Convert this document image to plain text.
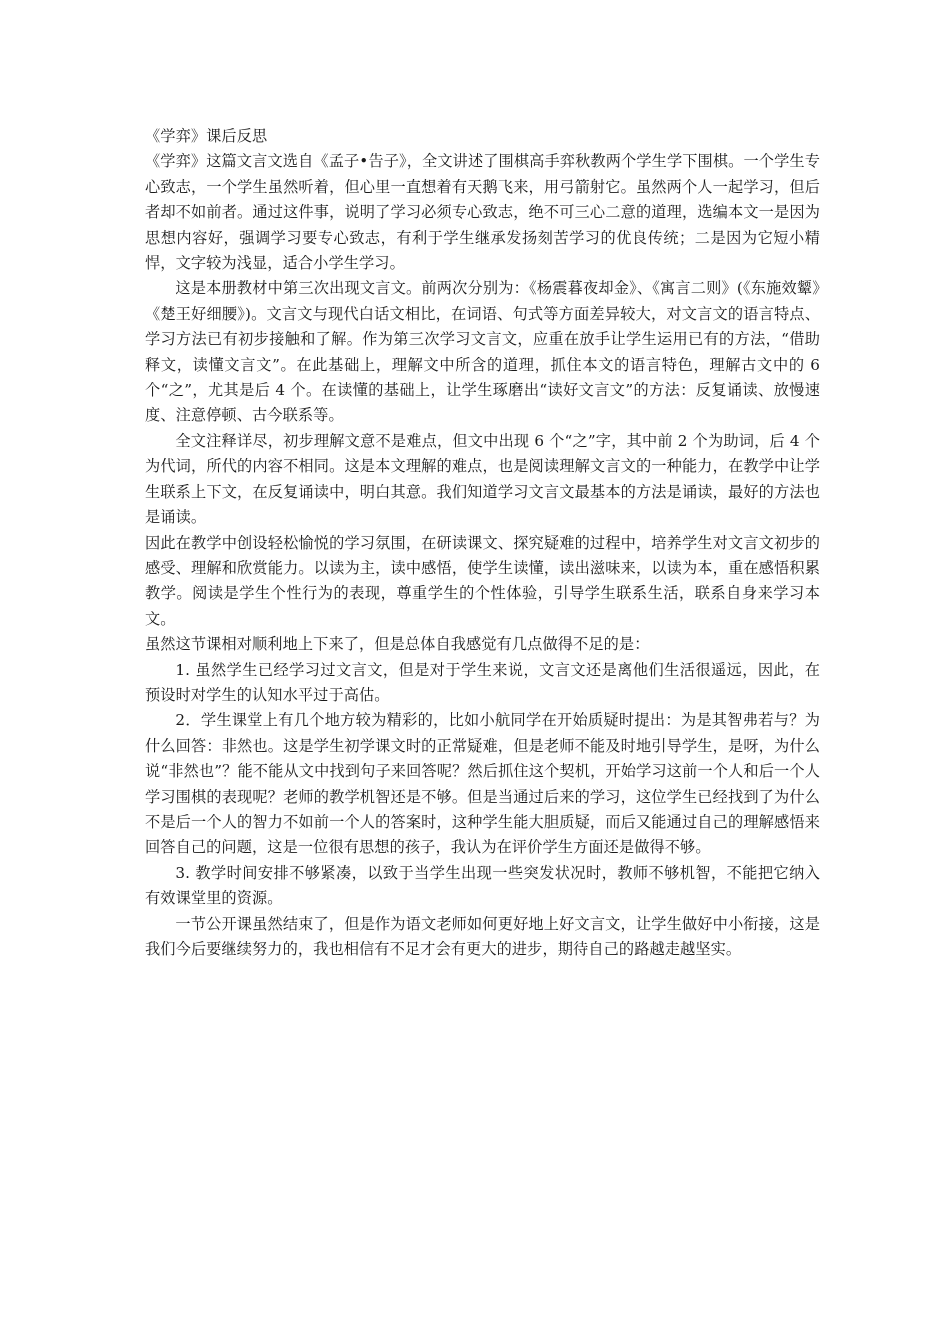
《学弈》课后反思

《学弈》这篇文言文选自《孟子•告子》，全文讲述了围棋高手弈秋教两个学生学下围棋。一个学生专心致志，一个学生虽然听着，但心里一直想着有天鹅飞来，用弓箭射它。虽然两个人一起学习，但后者却不如前者。通过这件事，说明了学习必须专心致志，绝不可三心二意的道理，选编本文一是因为思想内容好，强调学习要专心致志，有利于学生继承发扬刻苦学习的优良传统；二是因为它短小精悍，文字较为浅显，适合小学生学习。

这是本册教材中第三次出现文言文。前两次分别为：《杨震暮夜却金》、《寓言二则》(《东施效颦》《楚王好细腰》)。文言文与现代白话文相比，在词语、句式等方面差异较大，对文言文的语言特点、学习方法已有初步接触和了解。作为第三次学习文言文，应重在放手让学生运用已有的方法，“借助释文，读懂文言文”。在此基础上，理解文中所含的道理，抓住本文的语言特色，理解古文中的 6 个“之”，尤其是后 4 个。在读懂的基础上，让学生琢磨出“读好文言文”的方法：反复诵读、放慢速度、注意停顿、古今联系等。

全文注释详尽，初步理解文意不是难点，但文中出现 6 个“之”字，其中前 2 个为助词，后 4 个为代词，所代的内容不相同。这是本文理解的难点，也是阅读理解文言文的一种能力，在教学中让学生联系上下文，在反复诵读中，明白其意。我们知道学习文言文最基本的方法是诵读，最好的方法也是诵读。

因此在教学中创设轻松愉悦的学习氛围，在研读课文、探究疑难的过程中，培养学生对文言文初步的感受、理解和欣赏能力。以读为主，读中感悟，使学生读懂，读出滋味来，以读为本，重在感悟积累教学。阅读是学生个性行为的表现，尊重学生的个性体验，引导学生联系生活，联系自身来学习本文。

虽然这节课相对顺利地上下来了，但是总体自我感觉有几点做得不足的是：

1. 虽然学生已经学习过文言文，但是对于学生来说，文言文还是离他们生活很遥远，因此，在预设时对学生的认知水平过于高估。

2．学生课堂上有几个地方较为精彩的，比如小航同学在开始质疑时提出：为是其智弗若与？为什么回答：非然也。这是学生初学课文时的正常疑难，但是老师不能及时地引导学生，是呀，为什么说“非然也”？能不能从文中找到句子来回答呢？然后抓住这个契机，开始学习这前一个人和后一个人学习围棋的表现呢？老师的教学机智还是不够。但是当通过后来的学习，这位学生已经找到了为什么不是后一个人的智力不如前一个人的答案时，这种学生能大胆质疑，而后又能通过自己的理解感悟来回答自己的问题，这是一位很有思想的孩子，我认为在评价学生方面还是做得不够。

3. 教学时间安排不够紧凑，以致于当学生出现一些突发状况时，教师不够机智，不能把它纳入有效课堂里的资源。

一节公开课虽然结束了，但是作为语文老师如何更好地上好文言文，让学生做好中小衔接，这是我们今后要继续努力的，我也相信有不足才会有更大的进步，期待自己的路越走越坚实。
